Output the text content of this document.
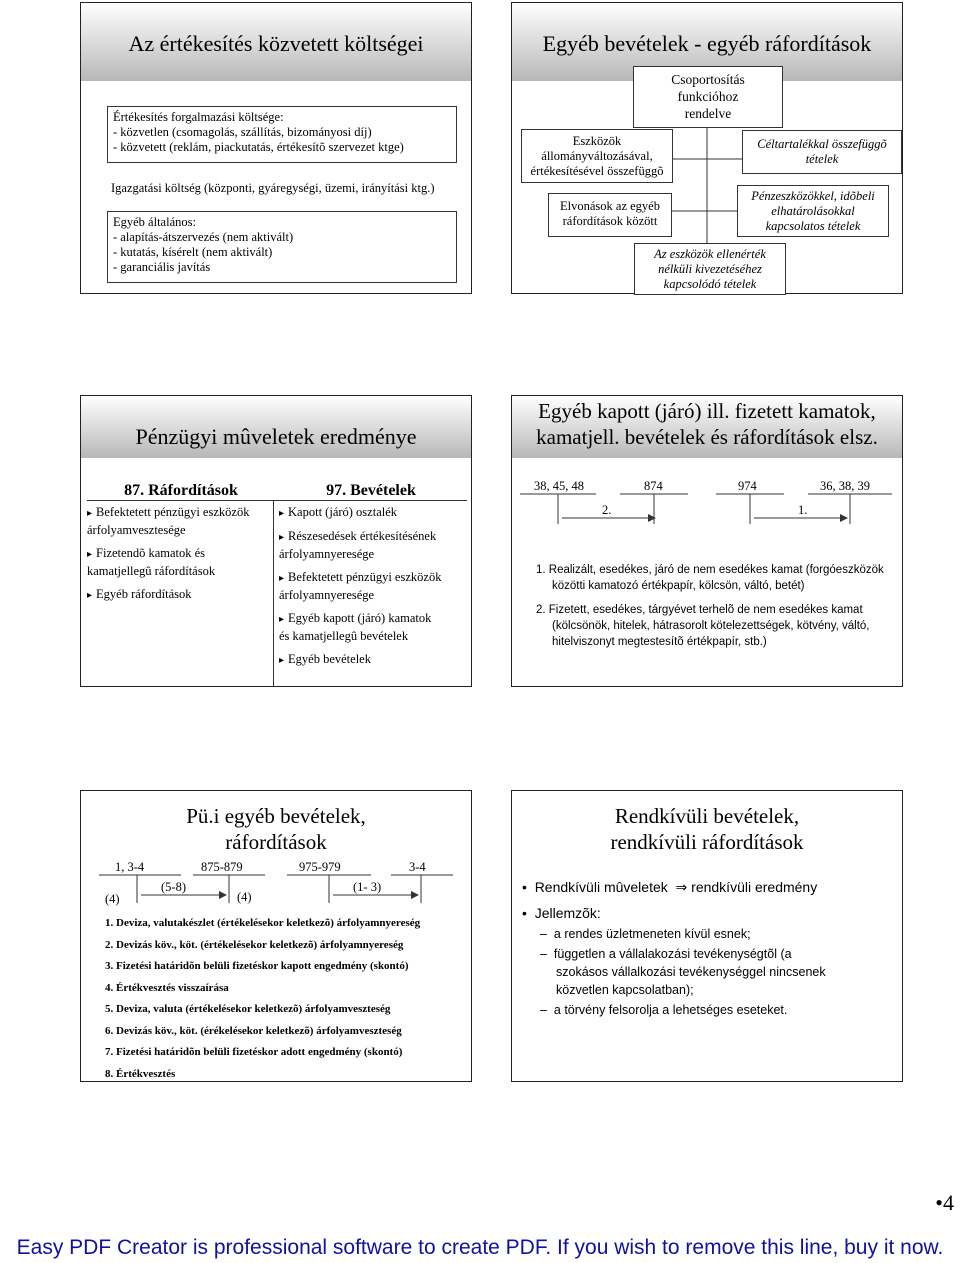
Az értékesítés közvetett költségei
Értékesítés forgalmazási költsége:
- közvetlen (csomagolás, szállítás, bizományosi díj)
- közvetett (reklám, piackutatás, értékesítõ szervezet ktge)
Igazgatási költség (központi, gyáregységi, üzemi, irányítási ktg.)
Egyéb általános:
- alapítás-átszervezés (nem aktivált)
- kutatás, kísérelt (nem aktivált)
- garanciális javítás
Egyéb bevételek - egyéb ráfordítások
Csoportosítás
funkcióhoz
rendelve
Eszközök
állományváltozásával,
értékesítésével összefüggõ
Elvonások az egyéb
ráfordítások között
Céltartalékkal összefüggõ
tételek
Pénzeszközökkel, idõbeli
elhatárolásokkal
kapcsolatos tételek
Az eszközök ellenérték
nélküli kivezetéséhez
kapcsolódó tételek
Pénzügyi mûveletek eredménye
87. Ráfordítások	97. Bevételek
▸ Befektetett pénzügyi eszközök
árfolyamvesztesége
▸ Fizetendõ kamatok és
kamatjellegû ráfordítások
▸ Egyéb ráfordítások
▸ Kapott (járó) osztalék
▸ Részesedések értékesítésének
árfolyamnyeresége
▸ Befektetett pénzügyi eszközök
árfolyamnyeresége
▸ Egyéb kapott (járó) kamatok
és kamatjellegû bevételek
▸ Egyéb bevételek
Egyéb kapott (járó) ill. fizetett kamatok,
kamatjell. bevételek és ráfordítások elsz.
38, 45, 48	874	974	36, 38, 39
2.	1.
1. Realizált, esedékes, járó de nem esedékes kamat (forgóeszközök
közötti kamatozó értékpapír, kölcsön, váltó, betét)
2. Fizetett, esedékes, tárgyévet terhelõ de nem esedékes kamat
(kölcsönök, hitelek, hátrasorolt kötelezettségek, kötvény, váltó,
hitelviszonyt megtestesítõ értékpapír, stb.)
Pü.i egyéb bevételek,
ráfordítások
1, 3-4	875-879	975-979	3-4
(5-8)	(1- 3)
(4)	(4)
1. Deviza, valutakészlet (értékelésekor keletkezõ) árfolyamnyereség
2. Devizás köv., köt. (értékelésekor keletkezõ) árfolyamnyereség
3. Fizetési határidõn belüli fizetéskor kapott engedmény (skontó)
4. Értékvesztés visszaírása
5. Deviza, valuta (értékelésekor keletkezõ) árfolyamveszteség
6. Devizás köv., köt. (érékelésekor keletkezõ) árfolyamveszteség
7. Fizetési határidõn belüli fizetéskor adott engedmény (skontó)
8. Értékvesztés
Rendkívüli bevételek,
rendkívüli ráfordítások
•  Rendkívüli mûveletek  ⇒ rendkívüli eredmény
•  Jellemzõk:
–  a rendes üzletmeneten kívül esnek;
–  független a vállalakozási tevékenységtõl (a
szokásos vállalkozási tevékenységgel nincsenek
közvetlen kapcsolatban);
–  a törvény felsorolja a lehetséges eseteket.
•4
Easy PDF Creator is professional software to create PDF. If you wish to remove this line, buy it now.
